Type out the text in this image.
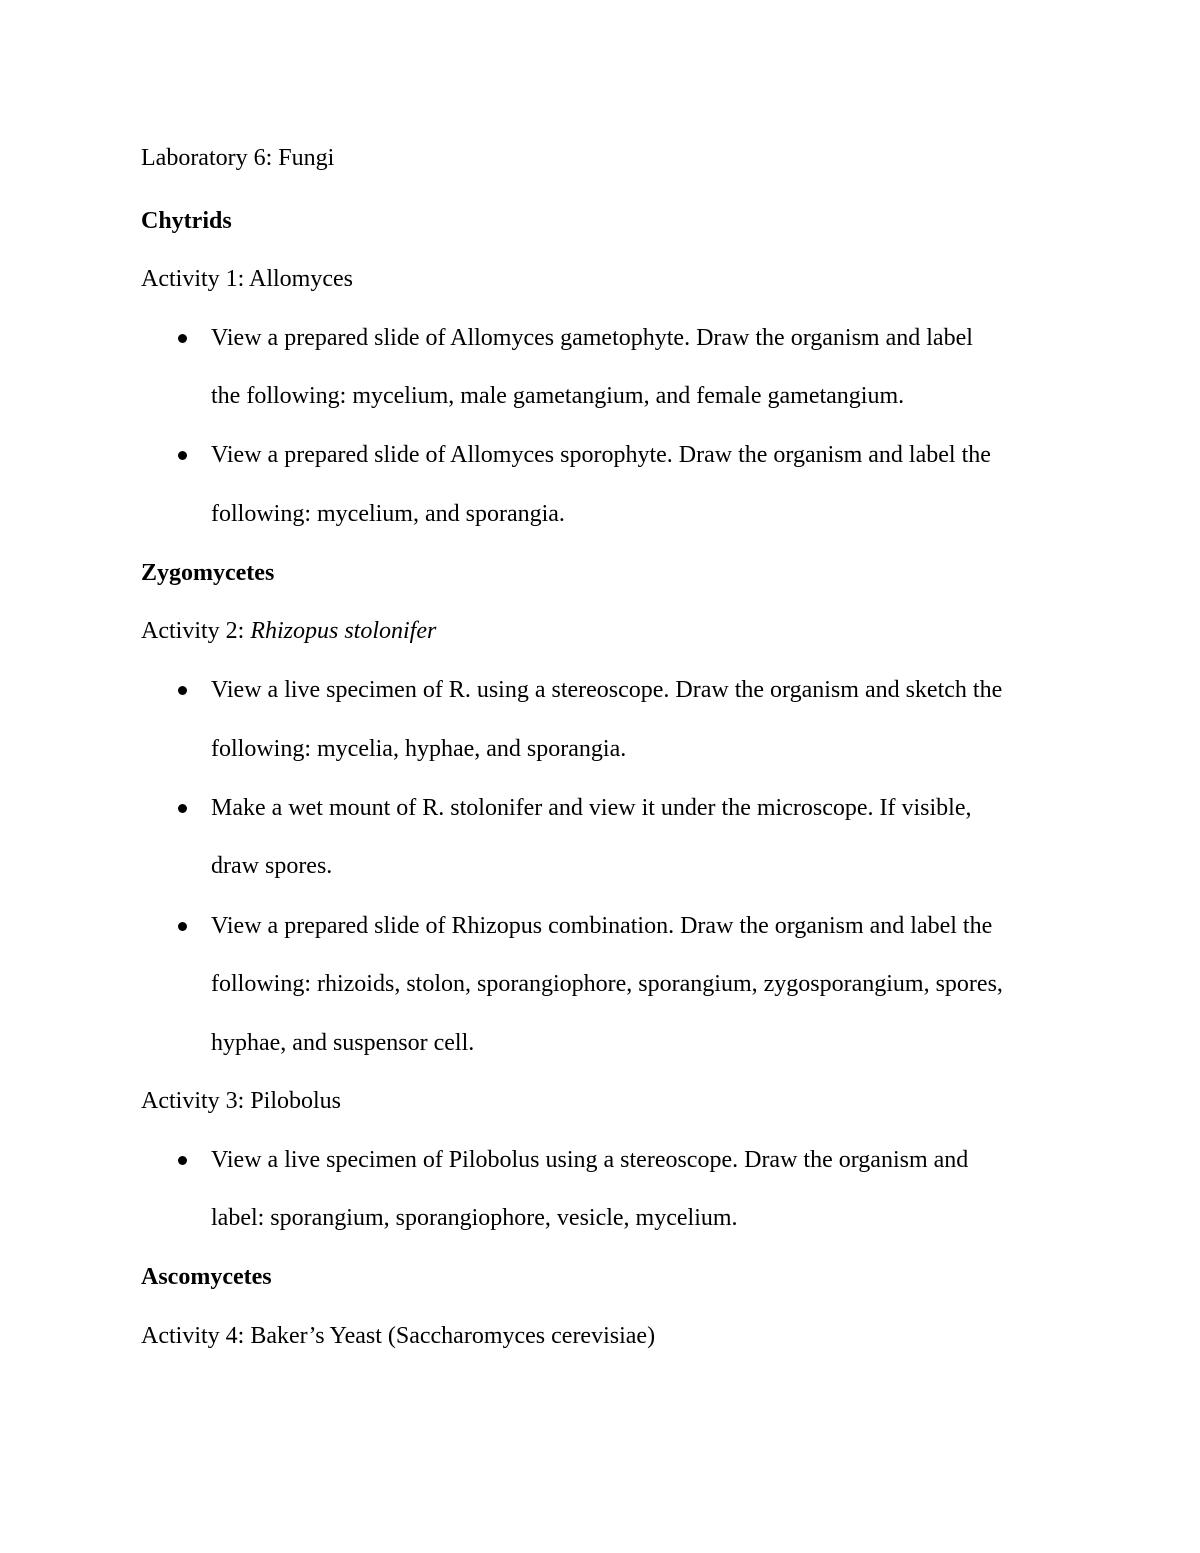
Laboratory 6: Fungi
Chytrids
Activity 1: Allomyces
View a prepared slide of Allomyces gametophyte. Draw the organism and label
the following: mycelium, male gametangium, and female gametangium.
View a prepared slide of Allomyces sporophyte. Draw the organism and label the
following: mycelium, and sporangia.
Zygomycetes
Activity 2: Rhizopus stolonifer
View a live specimen of R. using a stereoscope. Draw the organism and sketch the
following: mycelia, hyphae, and sporangia.
Make a wet mount of R. stolonifer and view it under the microscope. If visible,
draw spores.
View a prepared slide of Rhizopus combination. Draw the organism and label the
following: rhizoids, stolon, sporangiophore, sporangium, zygosporangium, spores,
hyphae, and suspensor cell.
Activity 3: Pilobolus
View a live specimen of Pilobolus using a stereoscope. Draw the organism and
label: sporangium, sporangiophore, vesicle, mycelium.
Ascomycetes
Activity 4: Baker’s Yeast (Saccharomyces cerevisiae)
